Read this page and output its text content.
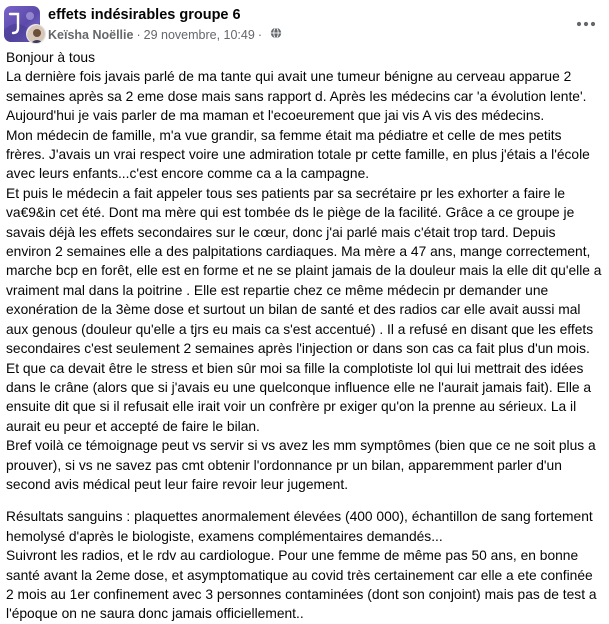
effets indésirables groupe 6
Keïsha Noëllie · 29 novembre, 10:49 ·

Bonjour à tous

La dernière fois javais parlé de ma tante qui avait une tumeur bénigne au cerveau apparue 2 semaines après sa 2 eme dose mais sans rapport d. Après les médecins car 'a évolution lente'.

Aujourd'hui je vais parler de ma maman et l'ecoeurement que jai vis A vis des médecins.

Mon médecin de famille, m'a vue grandir, sa femme était ma pédiatre et celle de mes petits frères. J'avais un vrai respect voire une admiration totale pr cette famille, en plus j'étais a l'école avec leurs enfants...c'est encore comme ca a la campagne.

Et puis le médecin a fait appeler tous ses patients par sa secrétaire pr les exhorter a faire le va€9&in cet été. Dont ma mère qui est tombée ds le piège de la facilité. Grâce a ce groupe je savais déjà les effets secondaires sur le cœur, donc j'ai parlé mais c'était trop tard. Depuis environ 2 semaines elle a des palpitations cardiaques. Ma mère a 47 ans, mange correctement, marche bcp en forêt, elle est en forme et ne se plaint jamais de la douleur mais la elle dit qu'elle a vraiment mal dans la poitrine . Elle est repartie chez ce même médecin pr demander une exonération de la 3ème dose et surtout un bilan de santé et des radios car elle avait aussi mal aux genous (douleur qu'elle a tjrs eu mais ca s'est accentué) . Il a refusé en disant que les effets secondaires c'est seulement 2 semaines après l'injection or dans son cas ca fait plus d'un mois. Et que ca devait être le stress et bien sûr moi sa fille la complotiste lol qui lui mettrait des idées dans le crâne (alors que si j'avais eu une quelconque influence elle ne l'aurait jamais fait). Elle a ensuite dit que si il refusait elle irait voir un confrère pr exiger qu'on la prenne au sérieux. La il aurait eu peur et accepté de faire le bilan.

Bref voilà ce témoignage peut vs servir si vs avez les mm symptômes (bien que ce ne soit plus a prouver), si vs ne savez pas cmt obtenir l'ordonnance pr un bilan, apparemment parler d'un second avis médical peut leur faire revoir leur jugement.

Résultats sanguins : plaquettes anormalement élevées (400 000), échantillon de sang fortement hemolysé d'après le biologiste, examens complémentaires demandés...

Suivront les radios, et le rdv au cardiologue. Pour une femme de même pas 50 ans, en bonne santé avant la 2eme dose, et asymptomatique au covid très certainement car elle a ete confinée 2 mois au 1er confinement avec 3 personnes contaminées (dont son conjoint) mais pas de test a l'époque on ne saura donc jamais officiellement..
